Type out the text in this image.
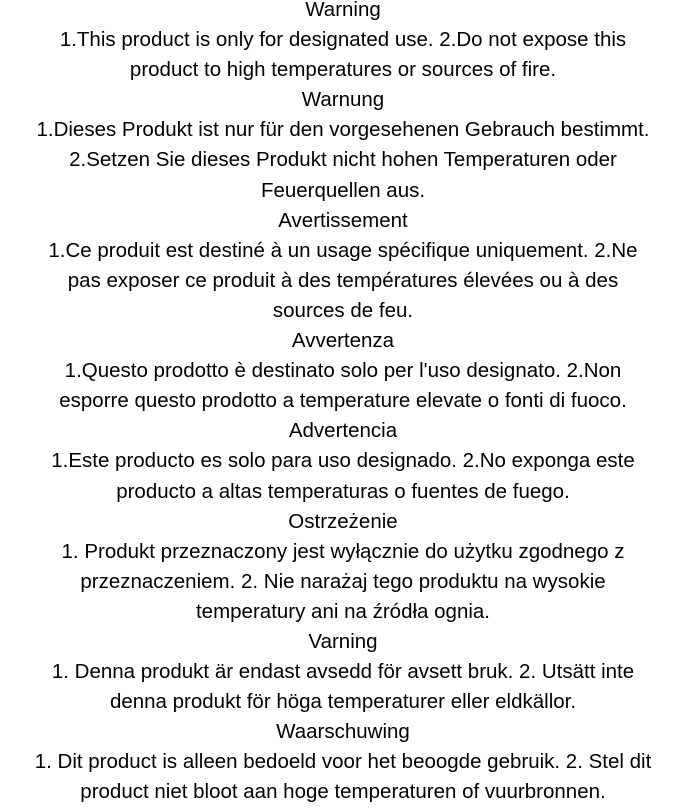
Warning

1.This product is only for designated use. 2.Do not expose this

product to high temperatures or sources of fire.

Warnung

1.Dieses Produkt ist nur für den vorgesehenen Gebrauch bestimmt.

2.Setzen Sie dieses Produkt nicht hohen Temperaturen oder

Feuerquellen aus.

Avertissement

1.Ce produit est destiné à un usage spécifique uniquement. 2.Ne

pas exposer ce produit à des températures élevées ou à des

sources de feu.

Avvertenza

1.Questo prodotto è destinato solo per l'uso designato. 2.Non

esporre questo prodotto a temperature elevate o fonti di fuoco.

Advertencia

1.Este producto es solo para uso designado. 2.No exponga este

producto a altas temperaturas o fuentes de fuego.

Ostrzeżenie

1. Produkt przeznaczony jest wyłącznie do użytku zgodnego z

przeznaczeniem. 2. Nie narażaj tego produktu na wysokie

temperatury ani na źródła ognia.

Varning

1. Denna produkt är endast avsedd för avsett bruk. 2. Utsätt inte

denna produkt för höga temperaturer eller eldkällor.

Waarschuwing

1. Dit product is alleen bedoeld voor het beoogde gebruik. 2. Stel dit

product niet bloot aan hoge temperaturen of vuurbronnen.
